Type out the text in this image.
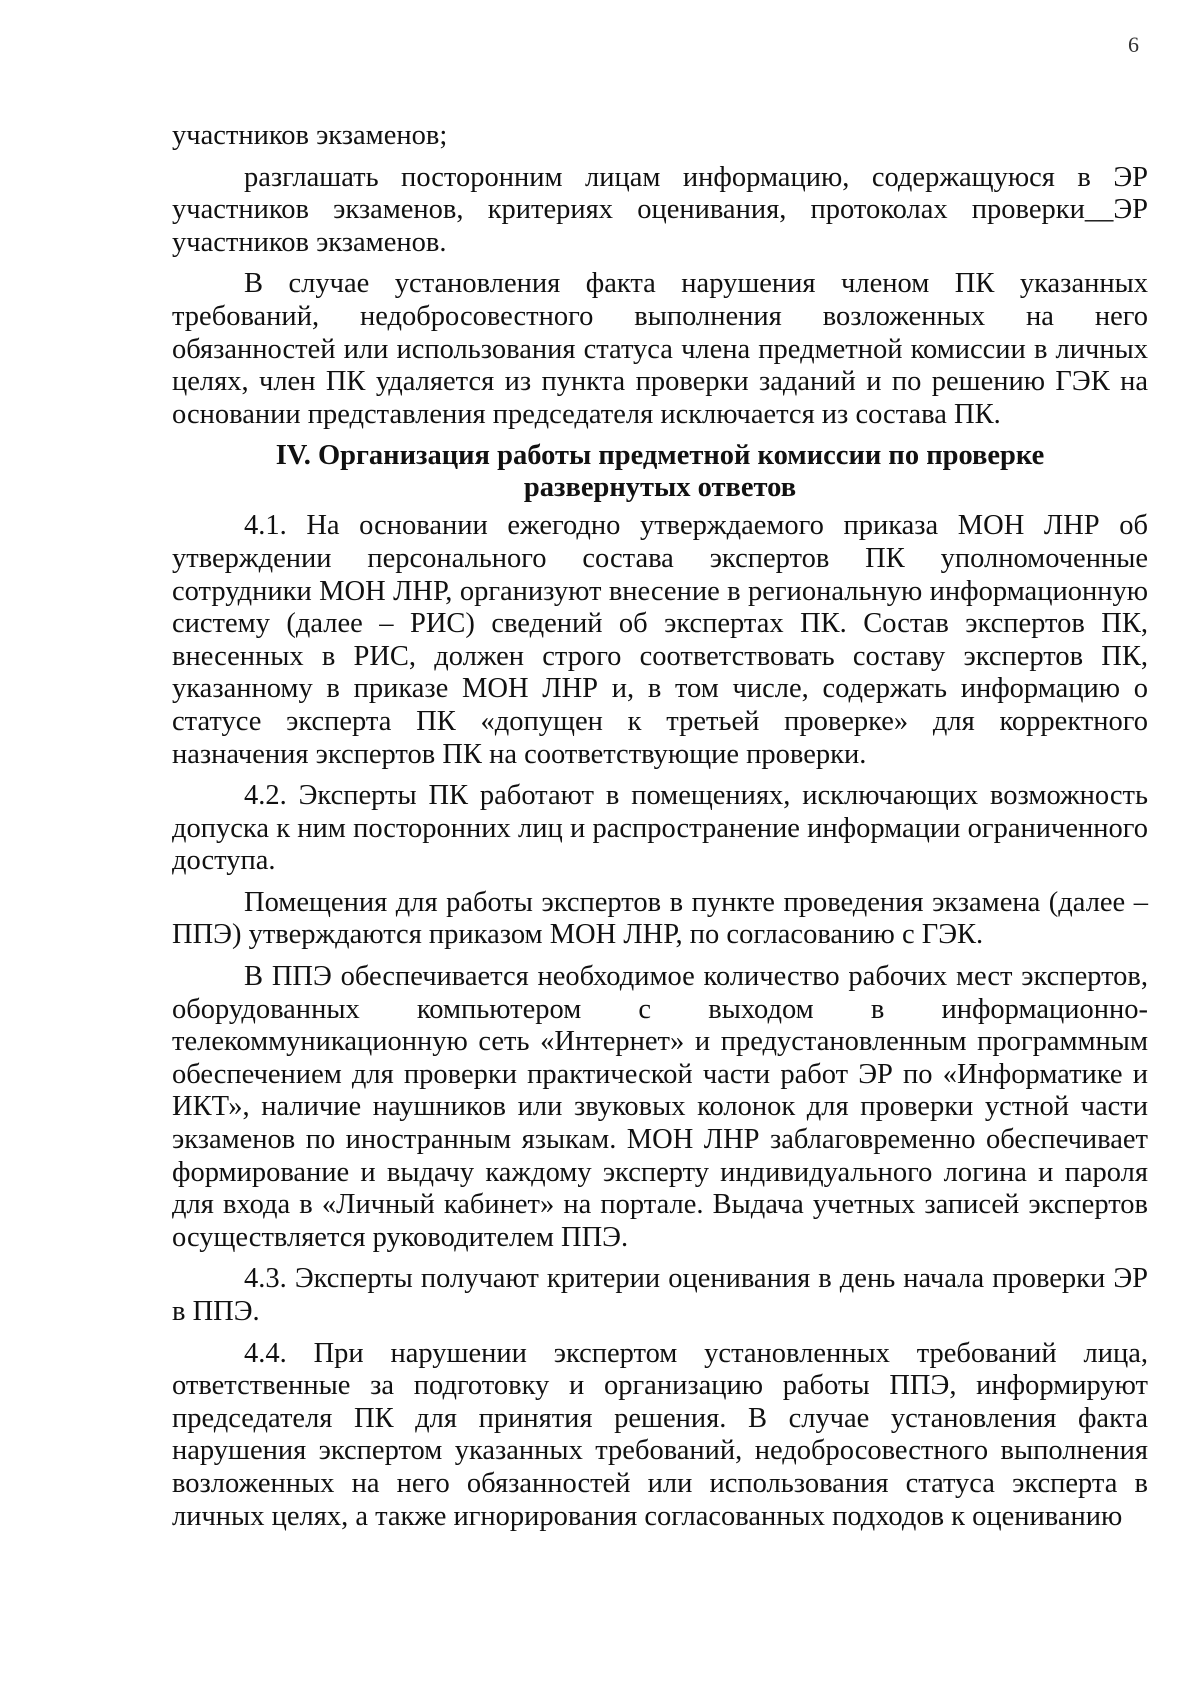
6

участников экзаменов;

разглашать посторонним лицам информацию, содержащуюся в ЭР участников экзаменов, критериях оценивания, протоколах проверки__ЭР участников экзаменов.

В случае установления факта нарушения членом ПК указанных требований, недобросовестного выполнения возложенных на него обязанностей или использования статуса члена предметной комиссии в личных целях, член ПК удаляется из пункта проверки заданий и по решению ГЭК на основании представления председателя исключается из состава ПК.

IV. Организация работы предметной комиссии по проверке
развернутых ответов

4.1. На основании ежегодно утверждаемого приказа МОН ЛНР об утверждении персонального состава экспертов ПК уполномоченные сотрудники МОН ЛНР, организуют внесение в региональную информационную систему (далее – РИС) сведений об экспертах ПК. Состав экспертов ПК, внесенных в РИС, должен строго соответствовать составу экспертов ПК, указанному в приказе МОН ЛНР и, в том числе, содержать информацию о статусе эксперта ПК «допущен к третьей проверке» для корректного назначения экспертов ПК на соответствующие проверки.

4.2. Эксперты ПК работают в помещениях, исключающих возможность допуска к ним посторонних лиц и распространение информации ограниченного доступа.

Помещения для работы экспертов в пункте проведения экзамена (далее – ППЭ) утверждаются приказом МОН ЛНР, по согласованию с ГЭК.

В ППЭ обеспечивается необходимое количество рабочих мест экспертов, оборудованных компьютером с выходом в информационно-телекоммуникационную сеть «Интернет» и предустановленным программным обеспечением для проверки практической части работ ЭР по «Информатике и ИКТ», наличие наушников или звуковых колонок для проверки устной части экзаменов по иностранным языкам. МОН ЛНР заблаговременно обеспечивает формирование и выдачу каждому эксперту индивидуального логина и пароля для входа в «Личный кабинет» на портале. Выдача учетных записей экспертов осуществляется руководителем ППЭ.

4.3. Эксперты получают критерии оценивания в день начала проверки ЭР в ППЭ.

4.4. При нарушении экспертом установленных требований лица, ответственные за подготовку и организацию работы ППЭ, информируют председателя ПК для принятия решения. В случае установления факта нарушения экспертом указанных требований, недобросовестного выполнения возложенных на него обязанностей или использования статуса эксперта в личных целях, а также игнорирования согласованных подходов к оцениванию
